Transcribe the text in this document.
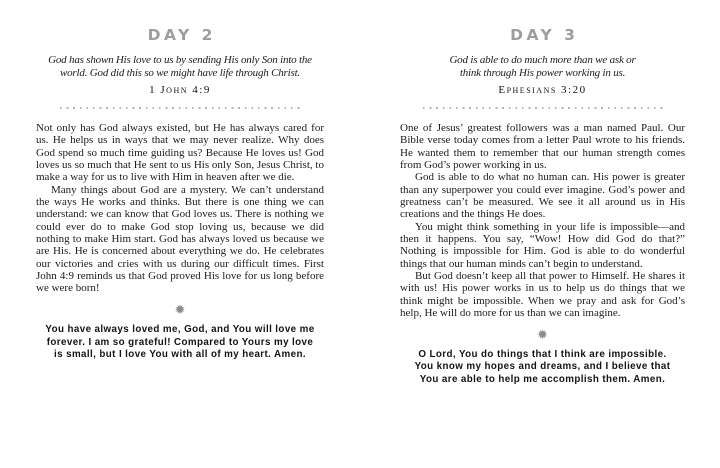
DAY 2
God has shown His love to us by sending His only Son into the
world. God did this so we might have life through Christ.
1 John 4:9

Not only has God always existed, but He has always cared for us. He helps us in ways that we may never realize. Why does God spend so much time guiding us? Because He loves us! God loves us so much that He sent to us His only Son, Jesus Christ, to make a way for us to live with Him in heaven after we die.

Many things about God are a mystery. We can’t understand the ways He works and thinks. But there is one thing we can understand: we can know that God loves us. There is nothing we could ever do to make God stop loving us, because we did nothing to make Him start. God has always loved us because we are His. He is concerned about everything we do. He celebrates our victories and cries with us during our difficult times. First John 4:9 reminds us that God proved His love for us long before we were born!

✹
You have always loved me, God, and You will love me
forever. I am so grateful! Compared to Yours my love
is small, but I love You with all of my heart. Amen.
DAY 3
God is able to do much more than we ask or
think through His power working in us.
Ephesians 3:20

One of Jesus’ greatest followers was a man named Paul. Our Bible verse today comes from a letter Paul wrote to his friends. He wanted them to remember that our human strength comes from God’s power working in us.

God is able to do what no human can. His power is greater than any superpower you could ever imagine. God’s power and greatness can’t be measured. We see it all around us in His creations and the things He does.

You might think something in your life is impossible—and then it happens. You say, “Wow! How did God do that?” Nothing is impossible for Him. God is able to do wonderful things that our human minds can’t begin to understand.

But God doesn’t keep all that power to Himself. He shares it with us! His power works in us to help us do things that we think might be impossible. When we pray and ask for God’s help, He will do more for us than we can imagine.

✹
O Lord, You do things that I think are impossible.
You know my hopes and dreams, and I believe that
You are able to help me accomplish them. Amen.
